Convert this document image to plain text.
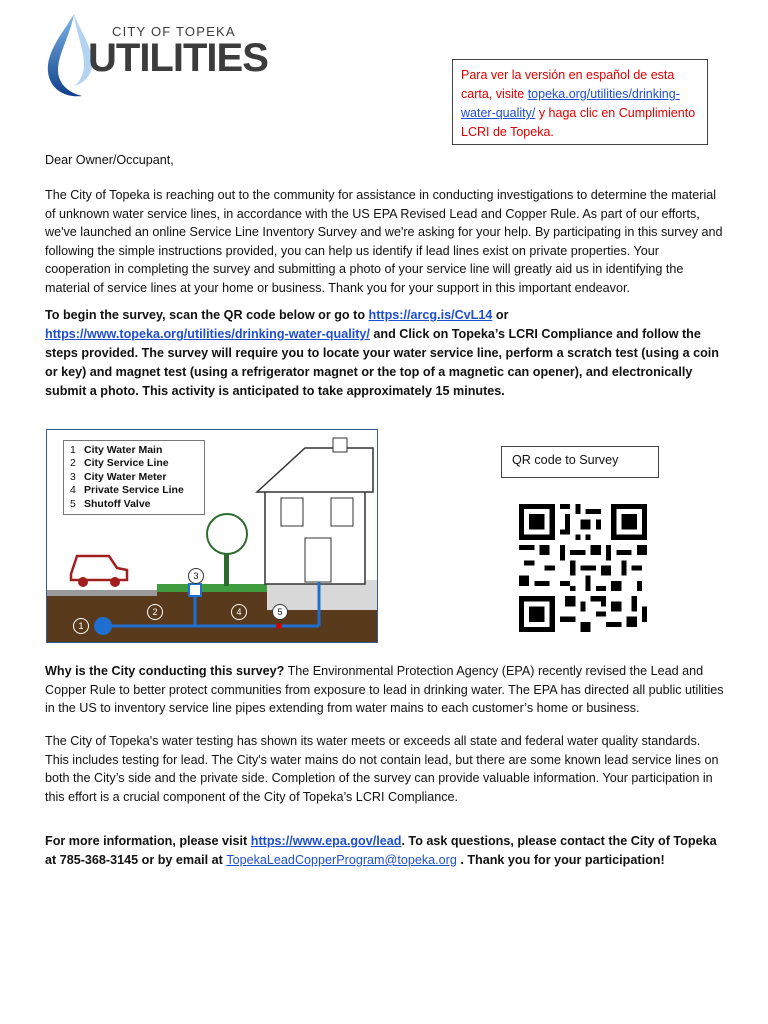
CITY OF TOPEKA
UTILITIES	Para ver la versión en español de esta carta, visite topeka.org/utilities/drinking-water-quality/ y haga clic en Cumplimiento LCRI de Topeka.
Dear Owner/Occupant,
The City of Topeka is reaching out to the community for assistance in conducting investigations to determine the material of unknown water service lines, in accordance with the US EPA Revised Lead and Copper Rule. As part of our efforts, we've launched an online Service Line Inventory Survey and we're asking for your help. By participating in this survey and following the simple instructions provided, you can help us identify if lead lines exist on private properties. Your cooperation in completing the survey and submitting a photo of your service line will greatly aid us in identifying the material of service lines at your home or business. Thank you for your support in this important endeavor.
To begin the survey, scan the QR code below or go to https://arcg.is/CvL14 or https://www.topeka.org/utilities/drinking-water-quality/ and Click on Topeka’s LCRI Compliance and follow the steps provided. The survey will require you to locate your water service line, perform a scratch test (using a coin or key) and magnet test (using a refrigerator magnet or the top of a magnetic can opener), and electronically submit a photo. This activity is anticipated to take approximately 15 minutes.
1 City Water Main
2 City Service Line
3 City Water Meter
4 Private Service Line
5 Shutoff Valve
1
2
3
4	5
QR code to Survey
Why is the City conducting this survey? The Environmental Protection Agency (EPA) recently revised the Lead and Copper Rule to better protect communities from exposure to lead in drinking water. The EPA has directed all public utilities in the US to inventory service line pipes extending from water mains to each customer’s home or business.
The City of Topeka's water testing has shown its water meets or exceeds all state and federal water quality standards. This includes testing for lead. The City's water mains do not contain lead, but there are some known lead service lines on both the City’s side and the private side. Completion of the survey can provide valuable information. Your participation in this effort is a crucial component of the City of Topeka’s LCRI Compliance.
For more information, please visit https://www.epa.gov/lead. To ask questions, please contact the City of Topeka at 785-368-3145 or by email at TopekaLeadCopperProgram@topeka.org . Thank you for your participation!
